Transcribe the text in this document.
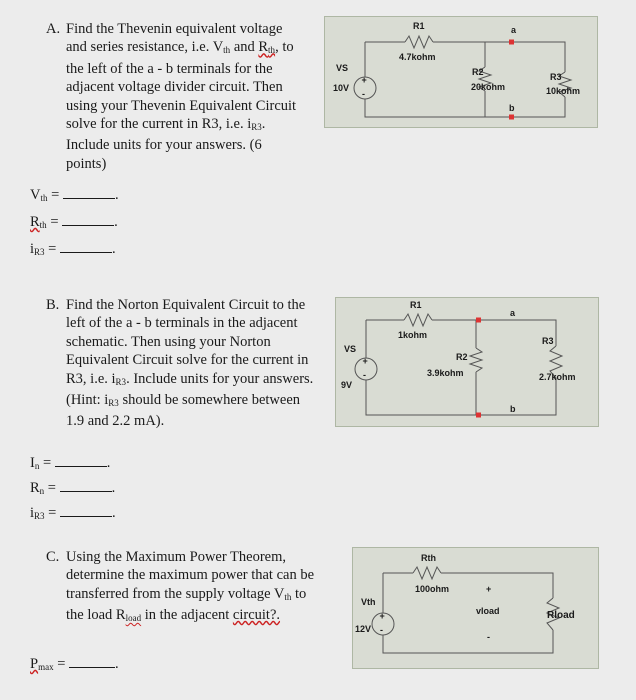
A. Find the Thevenin equivalent voltage
and series resistance, i.e. $V_{th}$ and $R_{th}$, to
the left of the a - b terminals for the
adjacent voltage divider circuit. Then
using your Thevenin Equivalent Circuit
solve for the current in R3, i.e. $i_{R3}$.
Include units for your answers. (6
points)
$V_{th}$ =	.
$R_{th}$ =	.
$i_{R3}$ =	.
+
-
R1
4.7kohm
VS
10V
R2
20kohm
R3
10kohm
a
b
B. Find the Norton Equivalent Circuit to the
left of the a - b terminals in the adjacent
schematic. Then using your Norton
Equivalent Circuit solve for the current in
R3, i.e. $i_{R3}$. Include units for your answers.
(Hint: $i_{R3}$ should be somewhere between
1.9 and 2.2 mA).
$I_n$ =	.
$R_n$ =	.
$i_{R3}$ =	.
+
-
R1
1kohm
VS
9V
R2
3.9kohm
R3
2.7kohm
a
b
C. Using the Maximum Power Theorem,
determine the maximum power that can be
transferred from the supply voltage $V_{th}$ to
the load $R_{load}$ in the adjacent circuit?.
$P_{max}$ =	.
+
-
Rth
100ohm	+
Vth
12V
vload	Rload
-
